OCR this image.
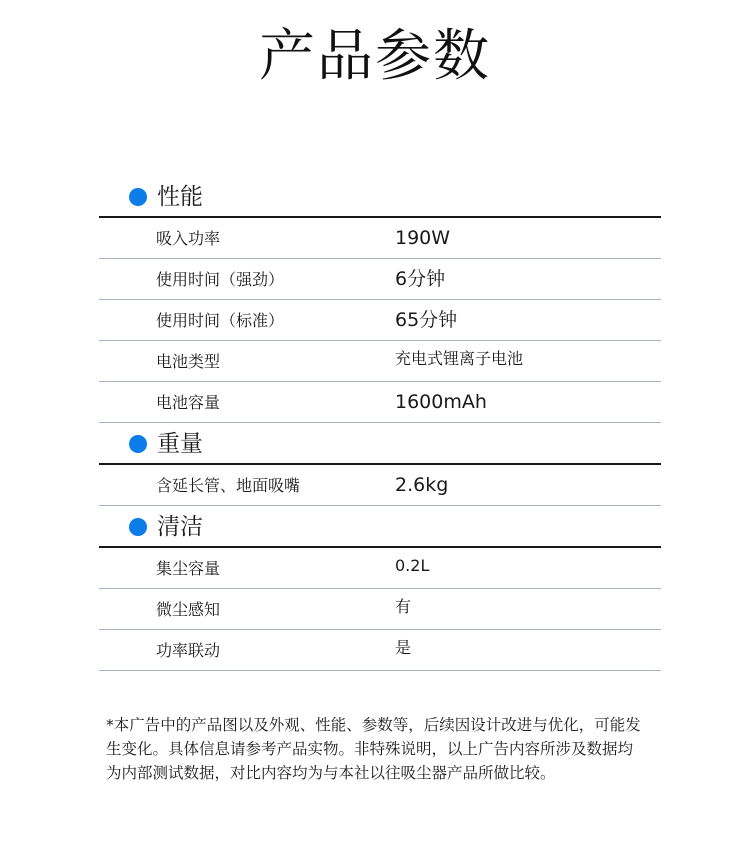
产品参数
性能
吸入功率	190W
使用时间（强劲）	6分钟
使用时间（标准）	65分钟
电池类型	充电式锂离子电池
电池容量	1600mAh
重量
含延长管、地面吸嘴	2.6kg
清洁
集尘容量	0.2L
微尘感知	有
功率联动	是
*本广告中的产品图以及外观、性能、参数等，后续因设计改进与优化，可能发生变化。具体信息请参考产品实物。非特殊说明，以上广告内容所涉及数据均为内部测试数据，对比内容均为与本社以往吸尘器产品所做比较。
